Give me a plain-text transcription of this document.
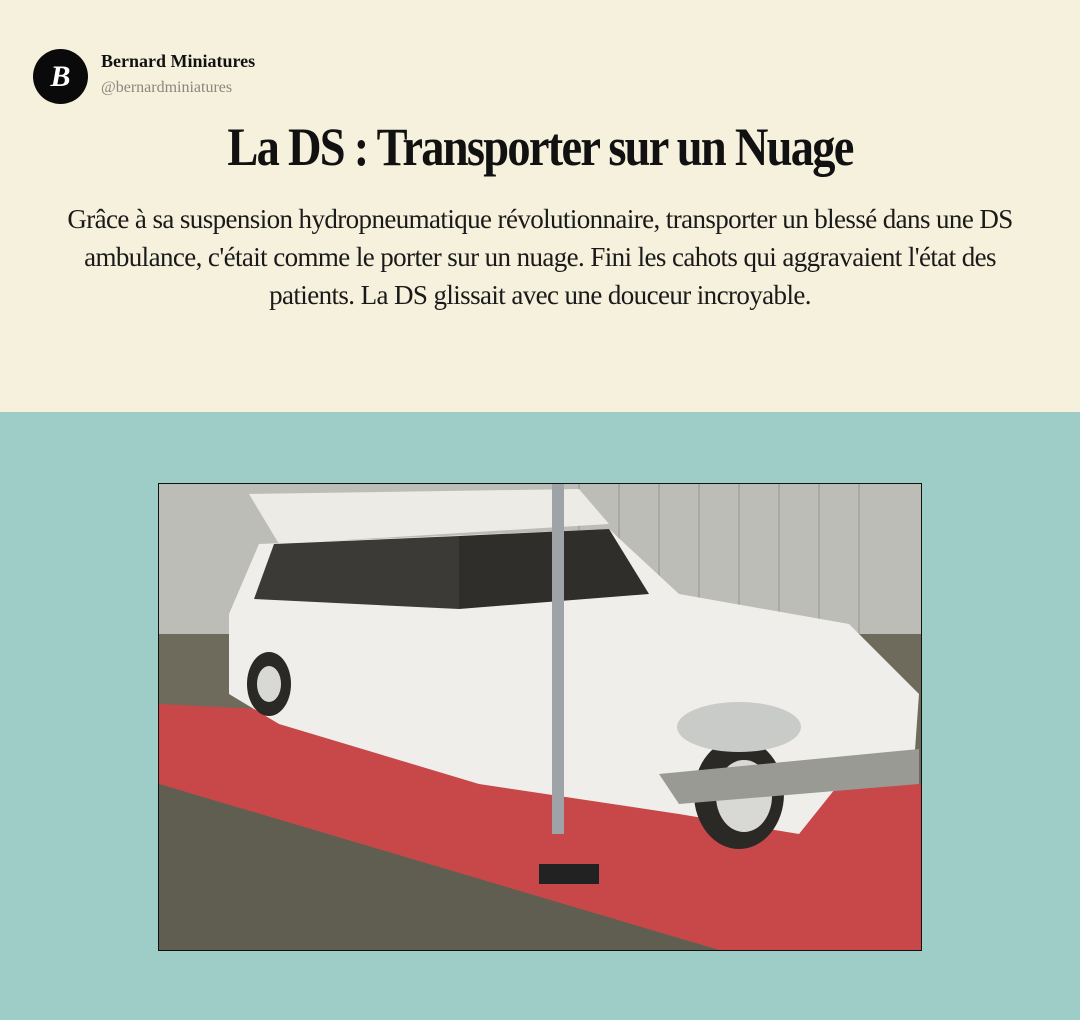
B Bernard Miniatures
@bernardminiatures
La DS : Transporter sur un Nuage
Grâce à sa suspension hydropneumatique révolutionnaire, transporter un blessé dans une DS ambulance, c'était comme le porter sur un nuage. Fini les cahots qui aggravaient l'état des patients. La DS glissait avec une douceur incroyable.
